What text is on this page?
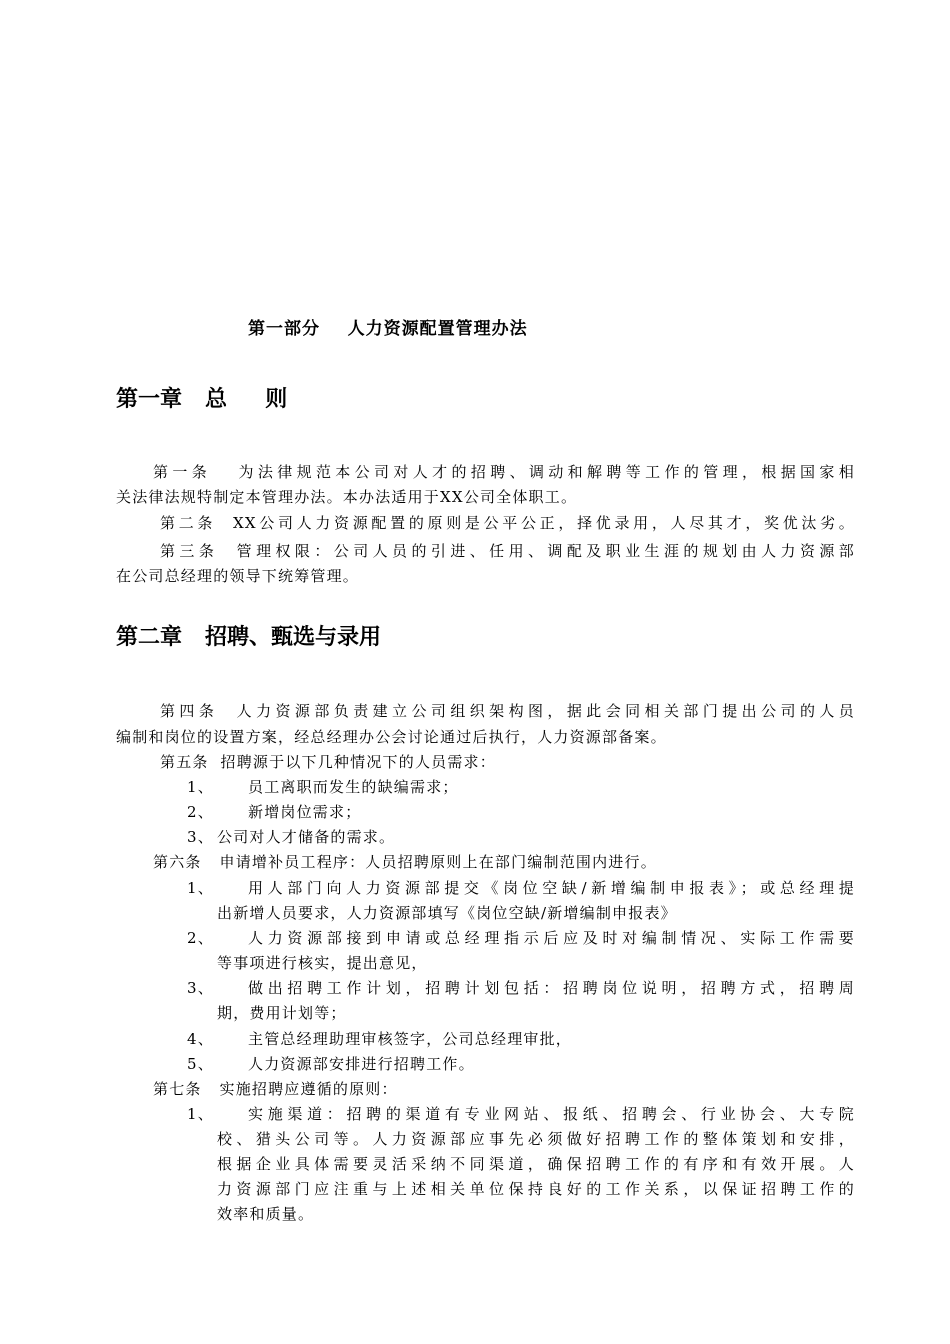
第一部分    人力资源配置管理办法
第一章   总     则
第一条   为法律规范本公司对人才的招聘、调动和解聘等工作的管理，根据国家相
关法律法规特制定本管理办法。本办法适用于XX公司全体职工。
第二条  XX公司人力资源配置的原则是公平公正，择优录用，人尽其才，奖优汰劣。
第三条  管理权限：公司人员的引进、任用、调配及职业生涯的规划由人力资源部
在公司总经理的领导下统筹管理。
第二章   招聘、甄选与录用
第四条  人力资源部负责建立公司组织架构图，据此会同相关部门提出公司的人员
编制和岗位的设置方案，经总经理办公会讨论通过后执行，人力资源部备案。
第五条  招聘源于以下几种情况下的人员需求：
1、 员工离职而发生的缺编需求；
2、 新增岗位需求；
3、 公司对人才储备的需求。
第六条   申请增补员工程序：人员招聘原则上在部门编制范围内进行。
1、 用人部门向人力资源部提交《岗位空缺/新增编制申报表》；或总经理提
出新增人员要求，人力资源部填写《岗位空缺/新增编制申报表》
2、 人力资源部接到申请或总经理指示后应及时对编制情况、实际工作需要
等事项进行核实，提出意见，
3、 做出招聘工作计划，招聘计划包括：招聘岗位说明，招聘方式，招聘周
期，费用计划等；
4、 主管总经理助理审核签字，公司总经理审批，
5、 人力资源部安排进行招聘工作。
第七条   实施招聘应遵循的原则：
1、 实施渠道：招聘的渠道有专业网站、报纸、招聘会、行业协会、大专院
校、猎头公司等。人力资源部应事先必须做好招聘工作的整体策划和安排，
根据企业具体需要灵活采纳不同渠道，确保招聘工作的有序和有效开展。人
力资源部门应注重与上述相关单位保持良好的工作关系，以保证招聘工作的
效率和质量。
